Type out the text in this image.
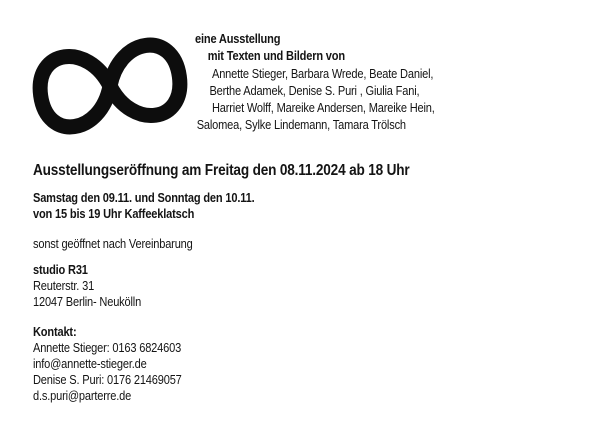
eine Ausstellung
mit Texten und Bildern von
Annette Stieger, Barbara Wrede, Beate Daniel,
Berthe Adamek, Denise S. Puri , Giulia Fani,
Harriet Wolff, Mareike Andersen, Mareike Hein,
Salomea, Sylke Lindemann, Tamara Trölsch
Ausstellungseröffnung am Freitag den 08.11.2024 ab 18 Uhr
Samstag den 09.11. und Sonntag den 10.11.
von 15 bis 19 Uhr Kaffeeklatsch
sonst geöffnet nach Vereinbarung
studio R31
Reuterstr. 31
12047 Berlin- Neukölln
Kontakt:
Annette Stieger: 0163 6824603
info@annette-stieger.de
Denise S. Puri: 0176 21469057
d.s.puri@parterre.de
